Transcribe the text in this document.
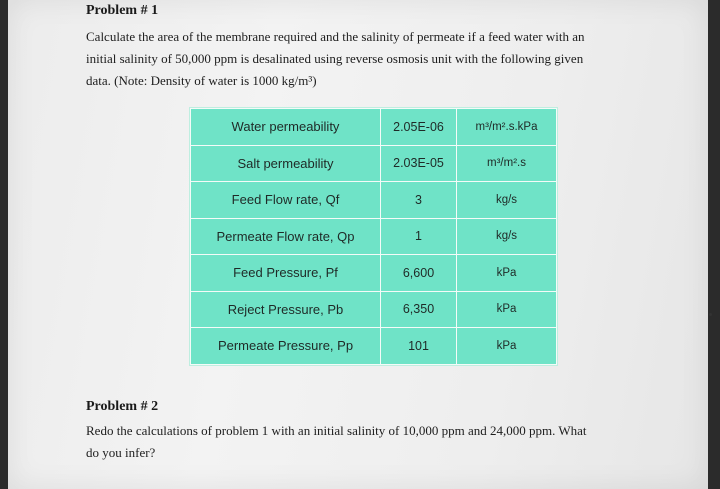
Problem # 1
Calculate the area of the membrane required and the salinity of permeate if a feed water with an
initial salinity of 50,000 ppm is desalinated using reverse osmosis unit with the following given
data. (Note: Density of water is 1000 kg/m³)
Water permeability	2.05E-06	m³/m².s.kPa
Salt permeability	2.03E-05	m³/m².s
Feed Flow rate, Qf	3	kg/s
Permeate Flow rate, Qp	1	kg/s
Feed Pressure, Pf	6,600	kPa
Reject Pressure, Pb	6,350	kPa
Permeate Pressure, Pp	101	kPa
Problem # 2
Redo the calculations of problem 1 with an initial salinity of 10,000 ppm and 24,000 ppm. What
do you infer?
